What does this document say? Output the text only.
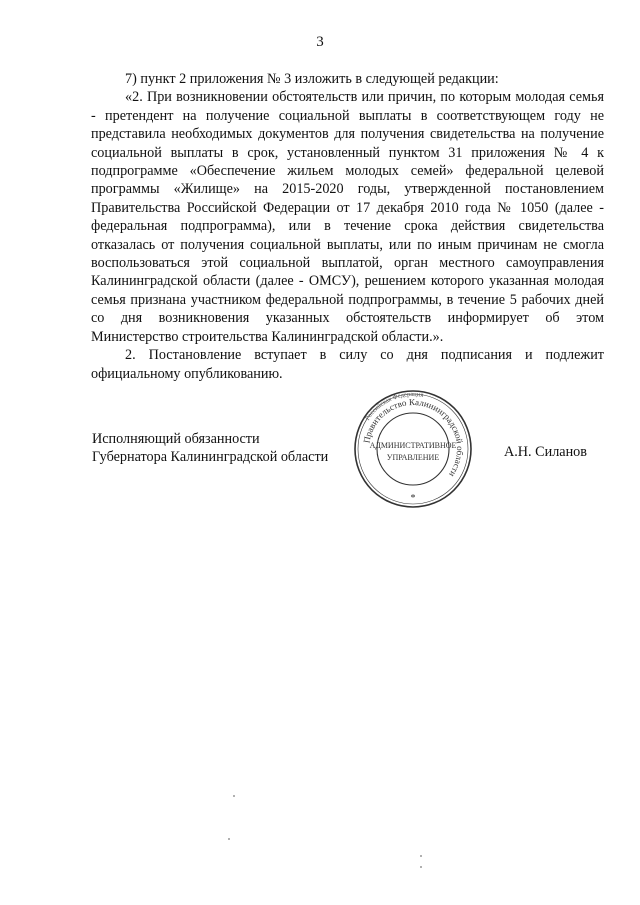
3

7) пункт 2 приложения № 3 изложить в следующей редакции:

«2. При возникновении обстоятельств или причин, по которым молодая семья - претендент на получение социальной выплаты в соответствующем году не представила необходимых документов для получения свидетельства на получение социальной выплаты в срок, установленный пунктом 31 приложения № 4 к подпрограмме «Обеспечение жильем молодых семей» федеральной целевой программы «Жилище» на 2015-2020 годы, утвержденной постановлением Правительства Российской Федерации от 17 декабря 2010 года № 1050 (далее - федеральная подпрограмма), или в течение срока действия свидетельства отказалась от получения социальной выплаты, или по иным причинам не смогла воспользоваться этой социальной выплатой, орган местного самоуправления Калининградской области (далее - ОМСУ), решением которого указанная молодая семья признана участником федеральной подпрограммы, в течение 5 рабочих дней со дня возникновения указанных обстоятельств информирует об этом Министерство строительства Калининградской области.».

2. Постановление вступает в силу со дня подписания и подлежит официальному опубликованию.

Исполняющий обязанности
Губернатора Калининградской области	А.Н. Силанов
Правительство Калининградской области
Российская Федерация
АДМИНИСТРАТИВНОЕ
УПРАВЛЕНИЕ
*
